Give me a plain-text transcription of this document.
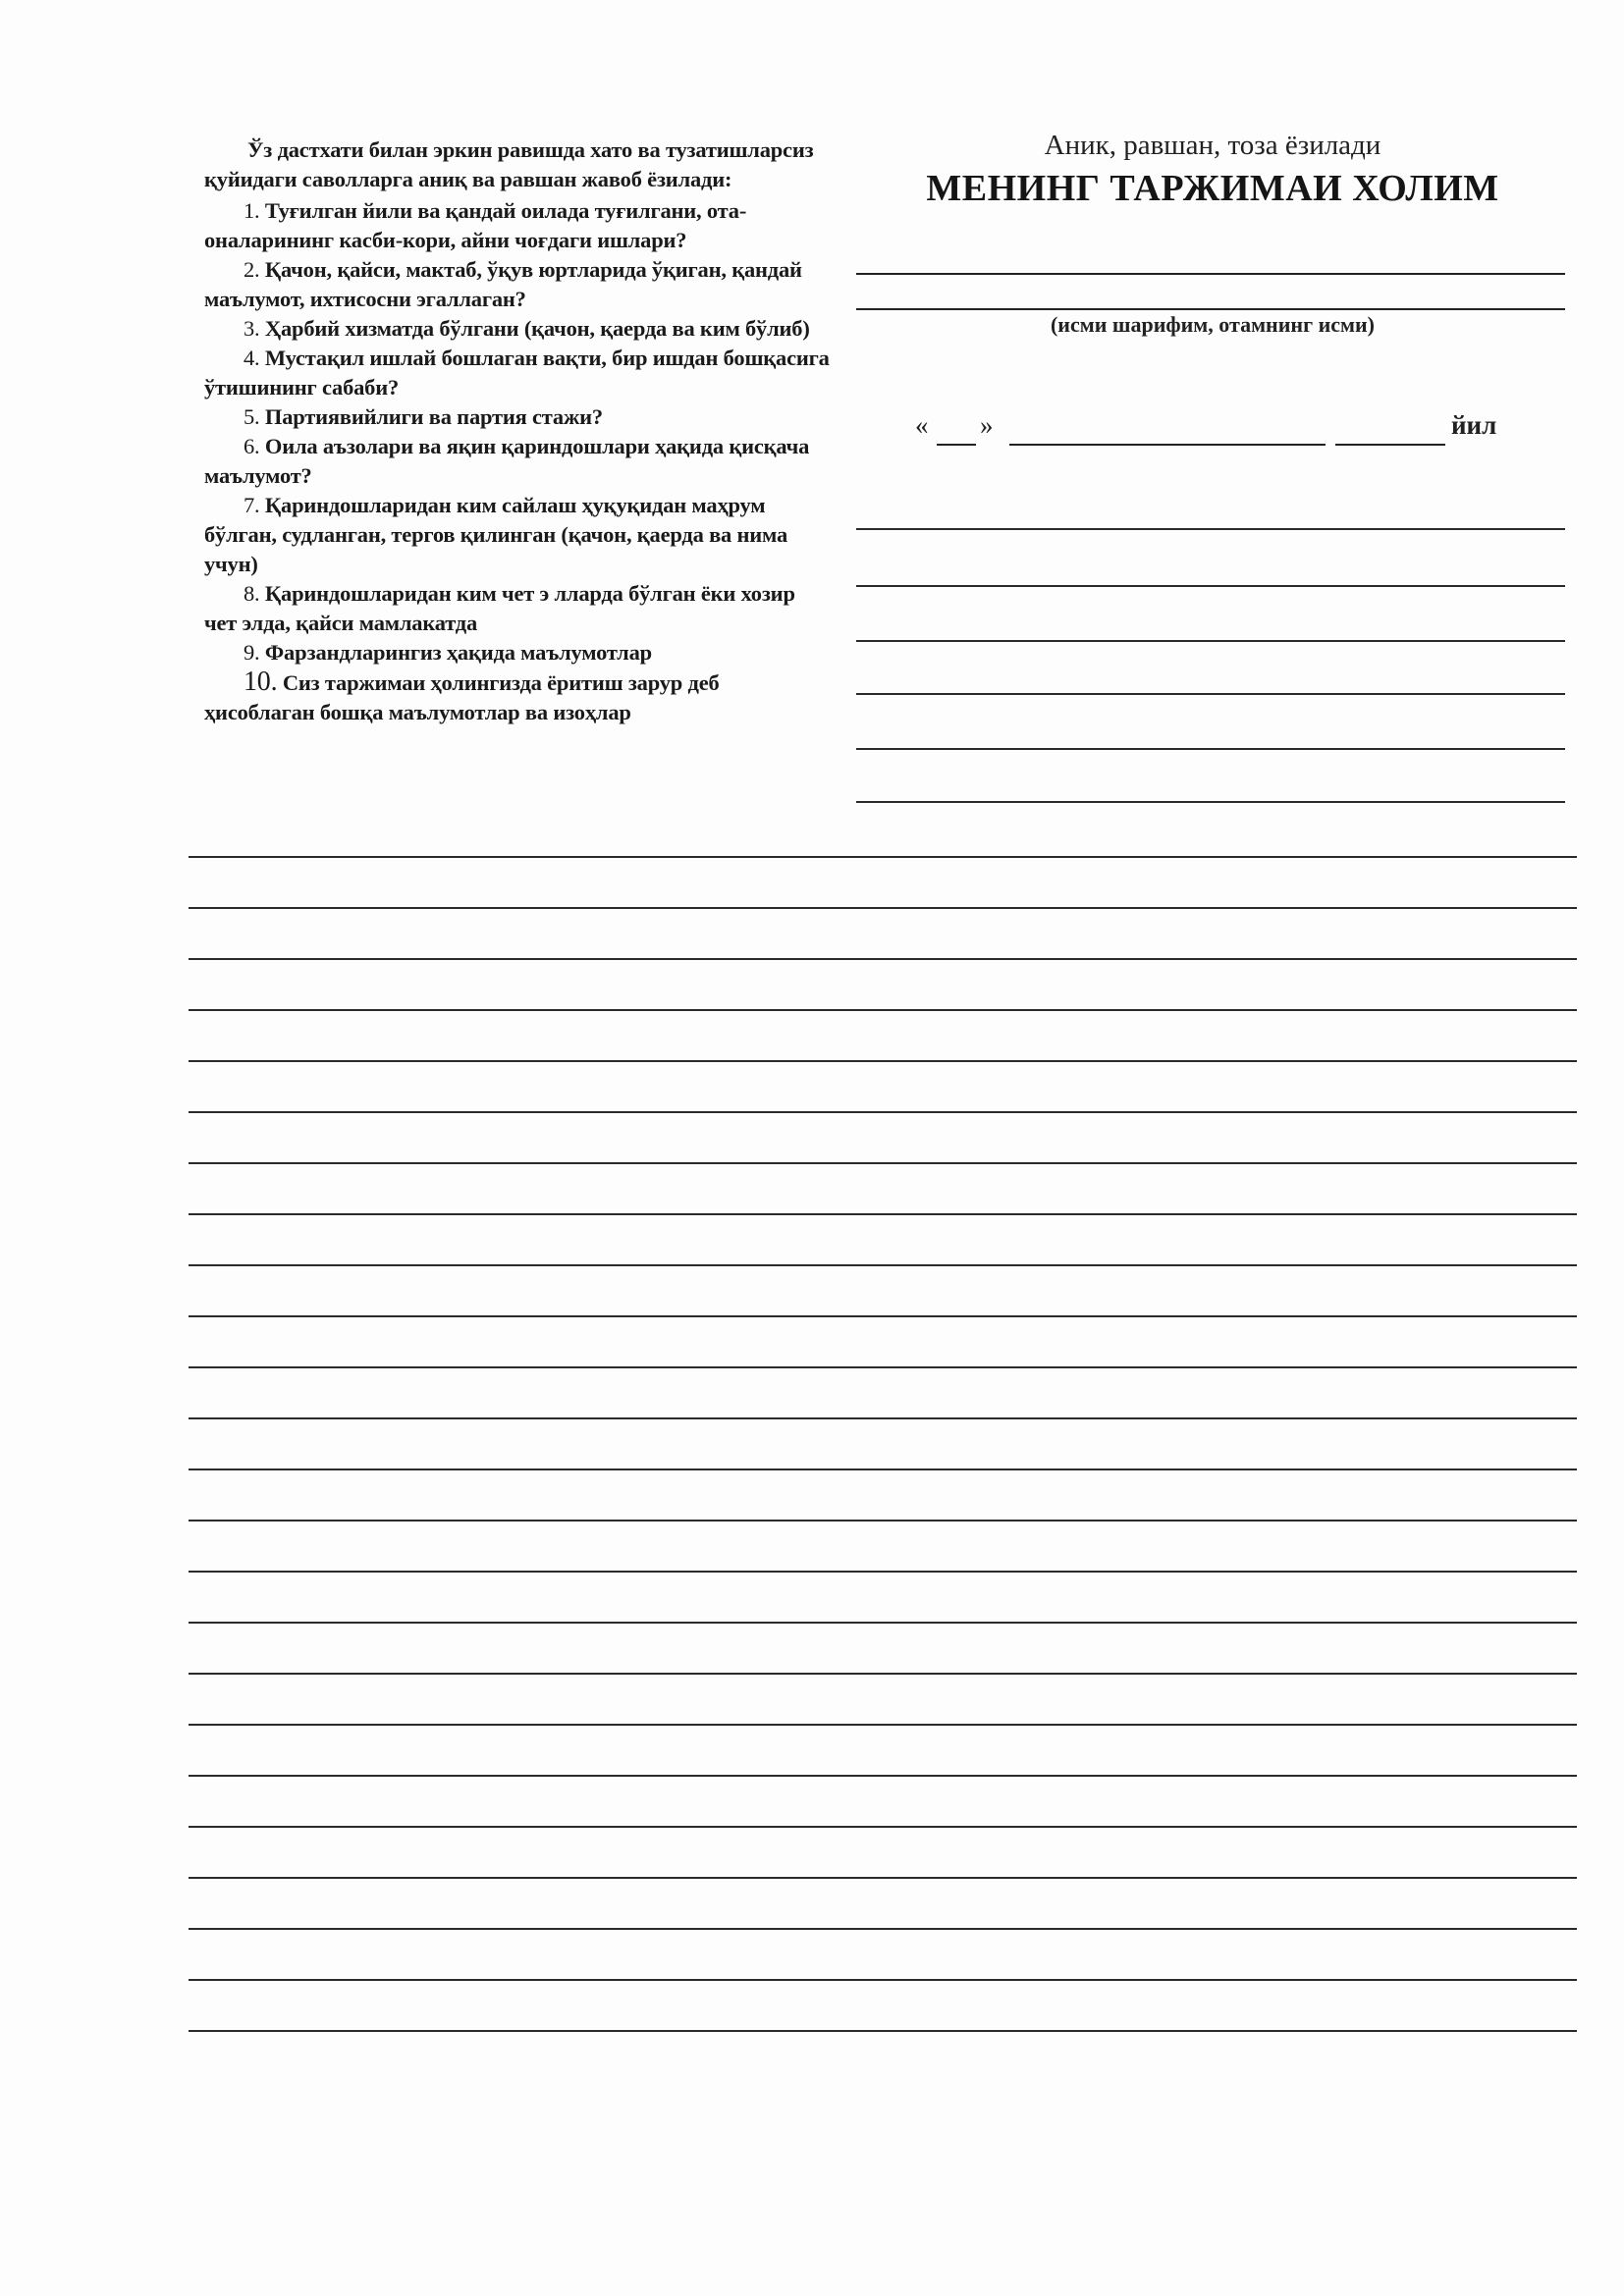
Ўз дастхати билан эркин равишда хато ва тузатишларсиз қуйидаги саволларга аниқ ва равшан жавоб ёзилади:
1. Туғилган йили ва қандай оилада туғилгани, ота-оналарининг касби-кори, айни чоғдаги ишлари?
2. Қачон, қайси, мактаб, ўқув юртларида ўқиган, қандай маълумот, ихтисосни эгаллаган?
3. Ҳарбий хизматда бўлгани (қачон, қаерда ва ким бўлиб)
4. Мустақил ишлай бошлаган вақти, бир ишдан бошқасига ўтишининг сабаби?
5. Партиявийлиги ва партия стажи?
6. Оила аъзолари ва яқин қариндошлари ҳақида қисқача маълумот?
7. Қариндошларидан ким сайлаш ҳуқуқидан маҳрум бўлган, судланган, тергов қилинган (қачон, қаерда ва нима учун)
8. Қариндошларидан ким чет э лларда бўлган ёки хозир чет элда, қайси мамлакатда
9. Фарзандларингиз ҳақида маълумотлар
10. Сиз таржимаи ҳолингизда ёритиш зарур деб ҳисоблаган бошқа маълумотлар ва изоҳлар
Аник, равшан, тоза ёзилади
МЕНИНГ ТАРЖИМАИ ХОЛИМ
(исми шарифим, отамнинг исми)
« »	йил
